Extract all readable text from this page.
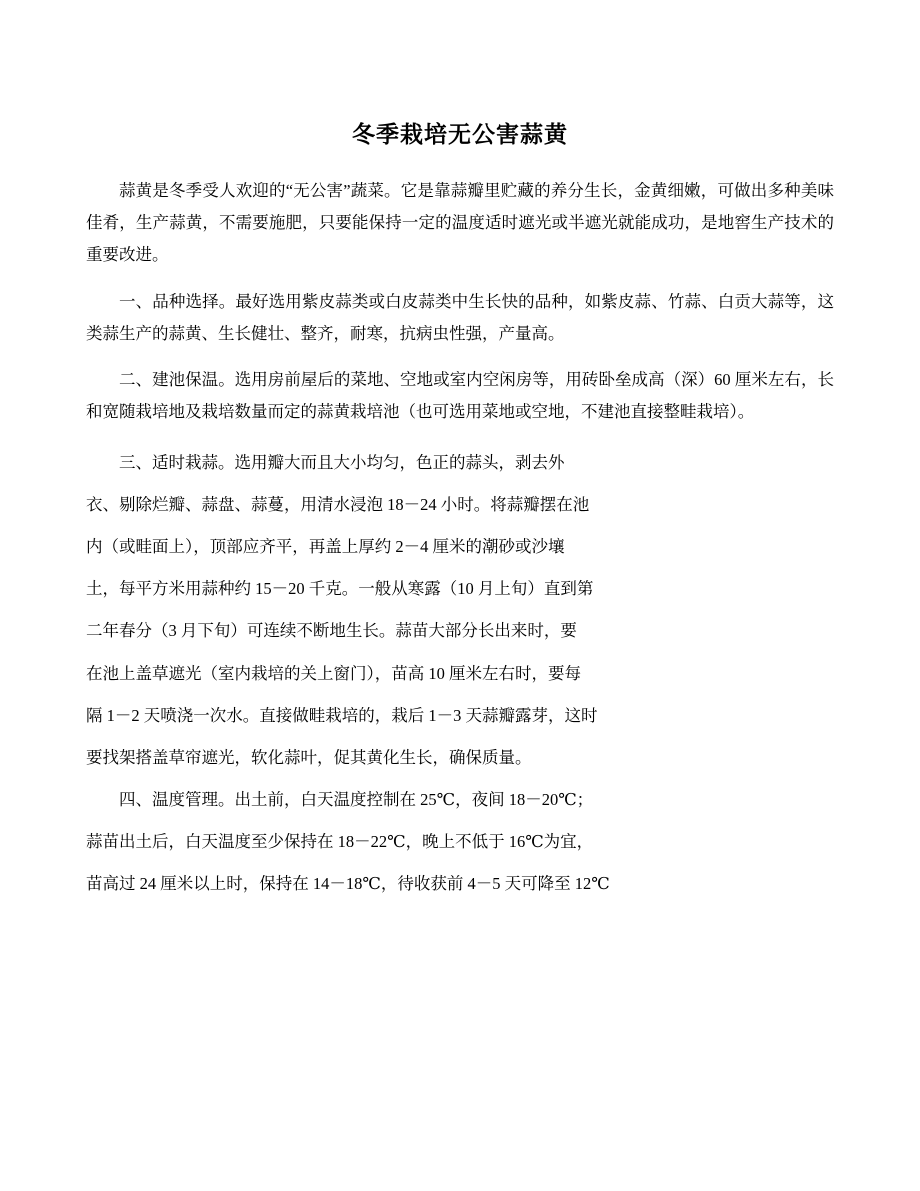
冬季栽培无公害蒜黄

蒜黄是冬季受人欢迎的“无公害”蔬菜。它是靠蒜瓣里贮藏的养分生长，金黄细嫩，可做出多种美味佳肴，生产蒜黄，不需要施肥，只要能保持一定的温度适时遮光或半遮光就能成功，是地窖生产技术的重要改进。

一、品种选择。最好选用紫皮蒜类或白皮蒜类中生长快的品种，如紫皮蒜、竹蒜、白贡大蒜等，这类蒜生产的蒜黄、生长健壮、整齐，耐寒，抗病虫性强，产量高。

二、建池保温。选用房前屋后的菜地、空地或室内空闲房等，用砖卧垒成高（深）60 厘米左右，长和宽随栽培地及栽培数量而定的蒜黄栽培池（也可选用菜地或空地，不建池直接整畦栽培）。

三、适时栽蒜。选用瓣大而且大小均匀，色正的蒜头，剥去外

衣、剔除烂瓣、蒜盘、蒜蔓，用清水浸泡 18－24 小时。将蒜瓣摆在池

内（或畦面上），顶部应齐平，再盖上厚约 2－4 厘米的潮砂或沙壤

土，每平方米用蒜种约 15－20 千克。一般从寒露（10 月上旬）直到第

二年春分（3 月下旬）可连续不断地生长。蒜苗大部分长出来时，要

在池上盖草遮光（室内栽培的关上窗门），苗高 10 厘米左右时，要每

隔 1－2 天喷浇一次水。直接做畦栽培的，栽后 1－3 天蒜瓣露芽，这时

要找架搭盖草帘遮光，软化蒜叶，促其黄化生长，确保质量。

四、温度管理。出土前，白天温度控制在 25℃，夜间 18－20℃；

蒜苗出土后，白天温度至少保持在 18－22℃，晚上不低于 16℃为宜，

苗高过 24 厘米以上时，保持在 14－18℃，待收获前 4－5 天可降至 12℃
